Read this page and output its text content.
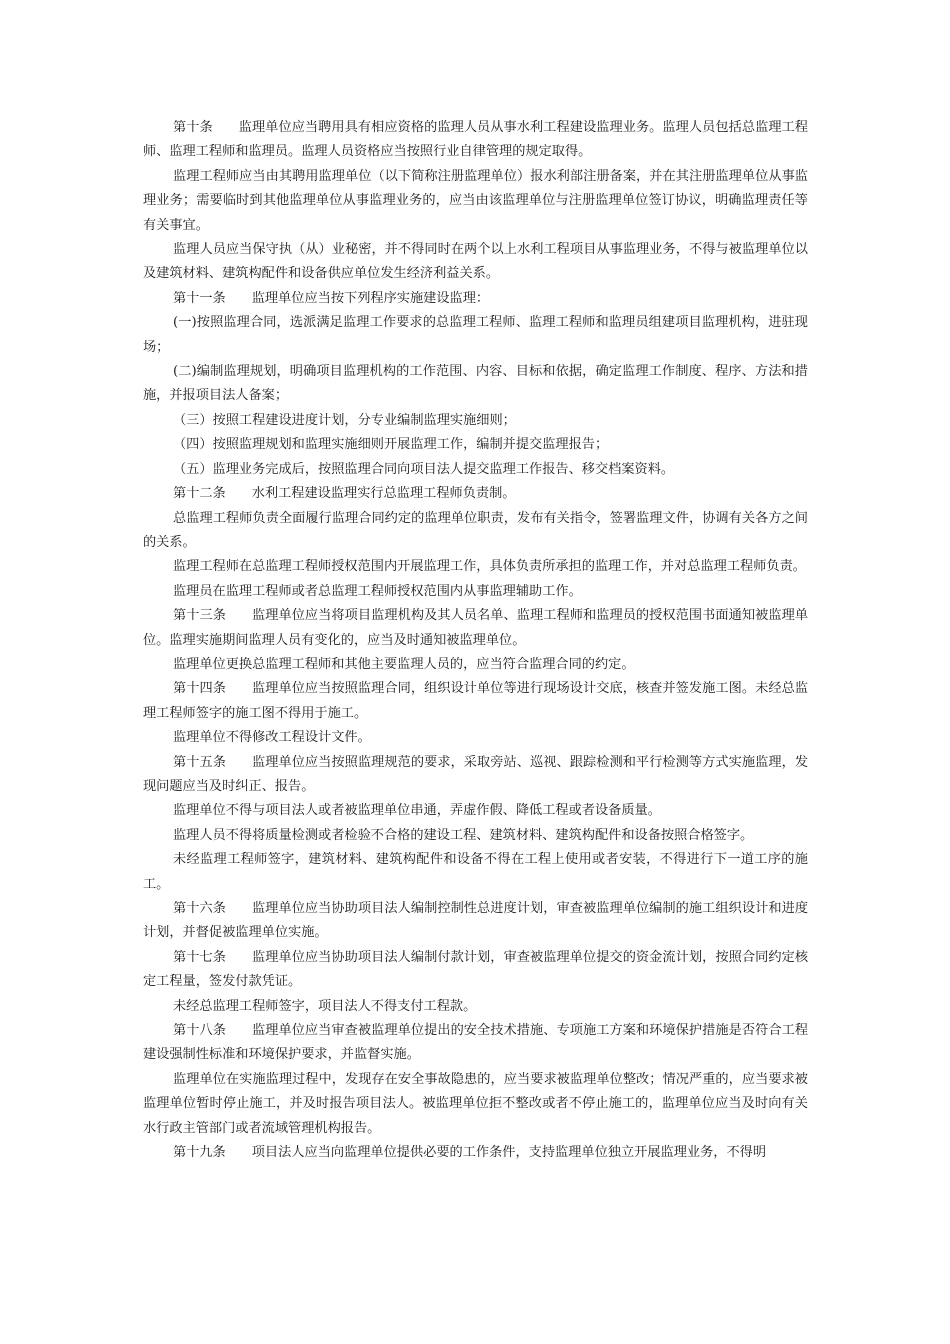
第十条 监理单位应当聘用具有相应资格的监理人员从事水利工程建设监理业务。监理人员包括总监理工程师、监理工程师和监理员。监理人员资格应当按照行业自律管理的规定取得。

监理工程师应当由其聘用监理单位（以下简称注册监理单位）报水利部注册备案，并在其注册监理单位从事监理业务；需要临时到其他监理单位从事监理业务的，应当由该监理单位与注册监理单位签订协议，明确监理责任等有关事宜。

监理人员应当保守执（从）业秘密，并不得同时在两个以上水利工程项目从事监理业务，不得与被监理单位以及建筑材料、建筑构配件和设备供应单位发生经济利益关系。

第十一条 监理单位应当按下列程序实施建设监理：

(一)按照监理合同，选派满足监理工作要求的总监理工程师、监理工程师和监理员组建项目监理机构，进驻现场；

(二)编制监理规划，明确项目监理机构的工作范围、内容、目标和依据，确定监理工作制度、程序、方法和措施，并报项目法人备案；

（三）按照工程建设进度计划，分专业编制监理实施细则；

（四）按照监理规划和监理实施细则开展监理工作，编制并提交监理报告；

（五）监理业务完成后，按照监理合同向项目法人提交监理工作报告、移交档案资料。

第十二条 水利工程建设监理实行总监理工程师负责制。

总监理工程师负责全面履行监理合同约定的监理单位职责，发布有关指令，签署监理文件，协调有关各方之间的关系。

监理工程师在总监理工程师授权范围内开展监理工作，具体负责所承担的监理工作，并对总监理工程师负责。

监理员在监理工程师或者总监理工程师授权范围内从事监理辅助工作。

第十三条 监理单位应当将项目监理机构及其人员名单、监理工程师和监理员的授权范围书面通知被监理单位。监理实施期间监理人员有变化的，应当及时通知被监理单位。

监理单位更换总监理工程师和其他主要监理人员的，应当符合监理合同的约定。

第十四条 监理单位应当按照监理合同，组织设计单位等进行现场设计交底，核查并签发施工图。未经总监理工程师签字的施工图不得用于施工。

监理单位不得修改工程设计文件。

第十五条 监理单位应当按照监理规范的要求，采取旁站、巡视、跟踪检测和平行检测等方式实施监理，发现问题应当及时纠正、报告。

监理单位不得与项目法人或者被监理单位串通，弄虚作假、降低工程或者设备质量。

监理人员不得将质量检测或者检验不合格的建设工程、建筑材料、建筑构配件和设备按照合格签字。

未经监理工程师签字，建筑材料、建筑构配件和设备不得在工程上使用或者安装，不得进行下一道工序的施工。

第十六条 监理单位应当协助项目法人编制控制性总进度计划，审查被监理单位编制的施工组织设计和进度计划，并督促被监理单位实施。

第十七条 监理单位应当协助项目法人编制付款计划，审查被监理单位提交的资金流计划，按照合同约定核定工程量，签发付款凭证。

未经总监理工程师签字，项目法人不得支付工程款。

第十八条 监理单位应当审查被监理单位提出的安全技术措施、专项施工方案和环境保护措施是否符合工程建设强制性标准和环境保护要求，并监督实施。

监理单位在实施监理过程中，发现存在安全事故隐患的，应当要求被监理单位整改；情况严重的，应当要求被监理单位暂时停止施工，并及时报告项目法人。被监理单位拒不整改或者不停止施工的，监理单位应当及时向有关水行政主管部门或者流域管理机构报告。

第十九条 项目法人应当向监理单位提供必要的工作条件，支持监理单位独立开展监理业务，不得明
